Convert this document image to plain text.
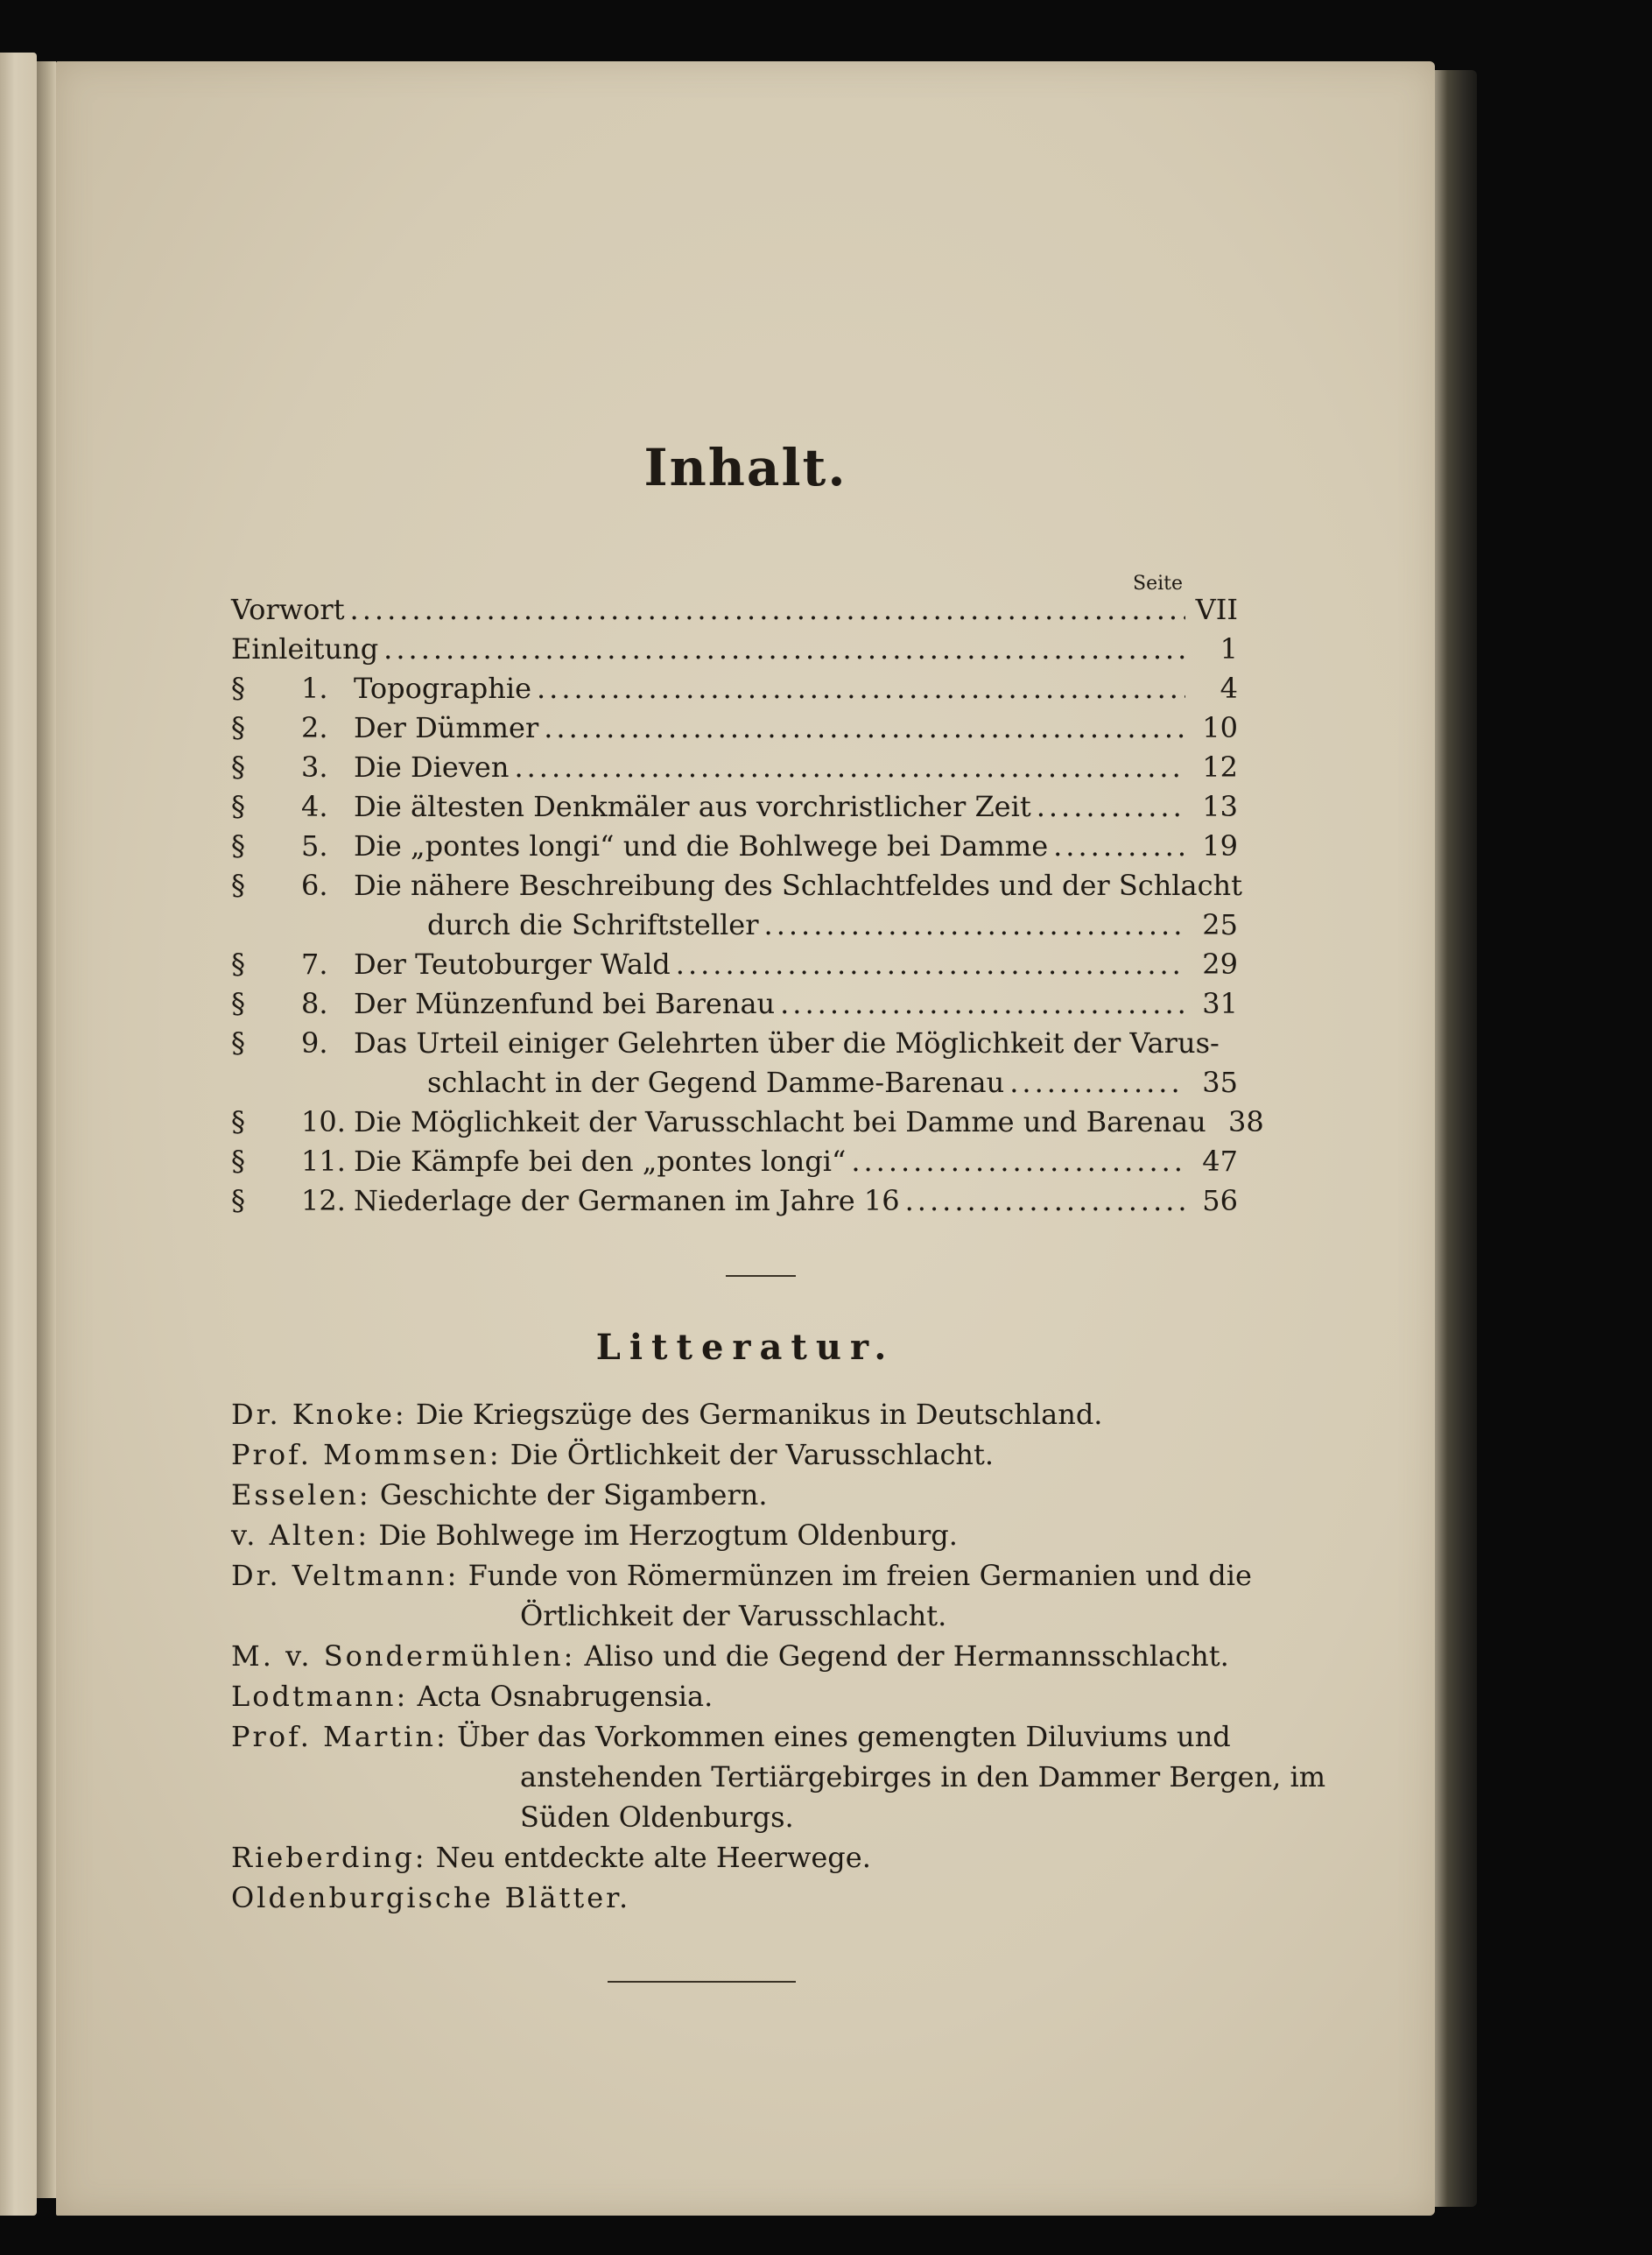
Inhalt.
Seite
Vorwort .....	VII
Einleitung .....	1
§	1. Topographie .....	4
§	2. Der Dümmer .....	10
§	3. Die Dieven .....	12
§	4. Die ältesten Denkmäler aus vorchristlicher Zeit .....	13
§	5. Die „pontes longi“ und die Bohlwege bei Damme .....	19
§	6. Die nähere Beschreibung des Schlachtfeldes und der Schlacht
durch die Schriftsteller .....	25
§	7. Der Teutoburger Wald .....	29
§	8. Der Münzenfund bei Barenau .....	31
§	9. Das Urteil einiger Gelehrten über die Möglichkeit der Varus-
schlacht in der Gegend Damme-Barenau .....	35
§	10. Die Möglichkeit der Varusschlacht bei Damme und Barenau 38
§	11. Die Kämpfe bei den „pontes longi“ .....	47
§	12. Niederlage der Germanen im Jahre 16 .....	56
Litteratur.
Dr. Knoke: Die Kriegszüge des Germanikus in Deutschland.
Prof. Mommsen: Die Örtlichkeit der Varusschlacht.
Esselen: Geschichte der Sigambern.
v. Alten: Die Bohlwege im Herzogtum Oldenburg.
Dr. Veltmann: Funde von Römermünzen im freien Germanien und die
Örtlichkeit der Varusschlacht.
M. v. Sondermühlen: Aliso und die Gegend der Hermannsschlacht.
Lodtmann: Acta Osnabrugensia.
Prof. Martin: Über das Vorkommen eines gemengten Diluviums und
anstehenden Tertiärgebirges in den Dammer Bergen, im
Süden Oldenburgs.
Rieberding: Neu entdeckte alte Heerwege.
Oldenburgische Blätter.
